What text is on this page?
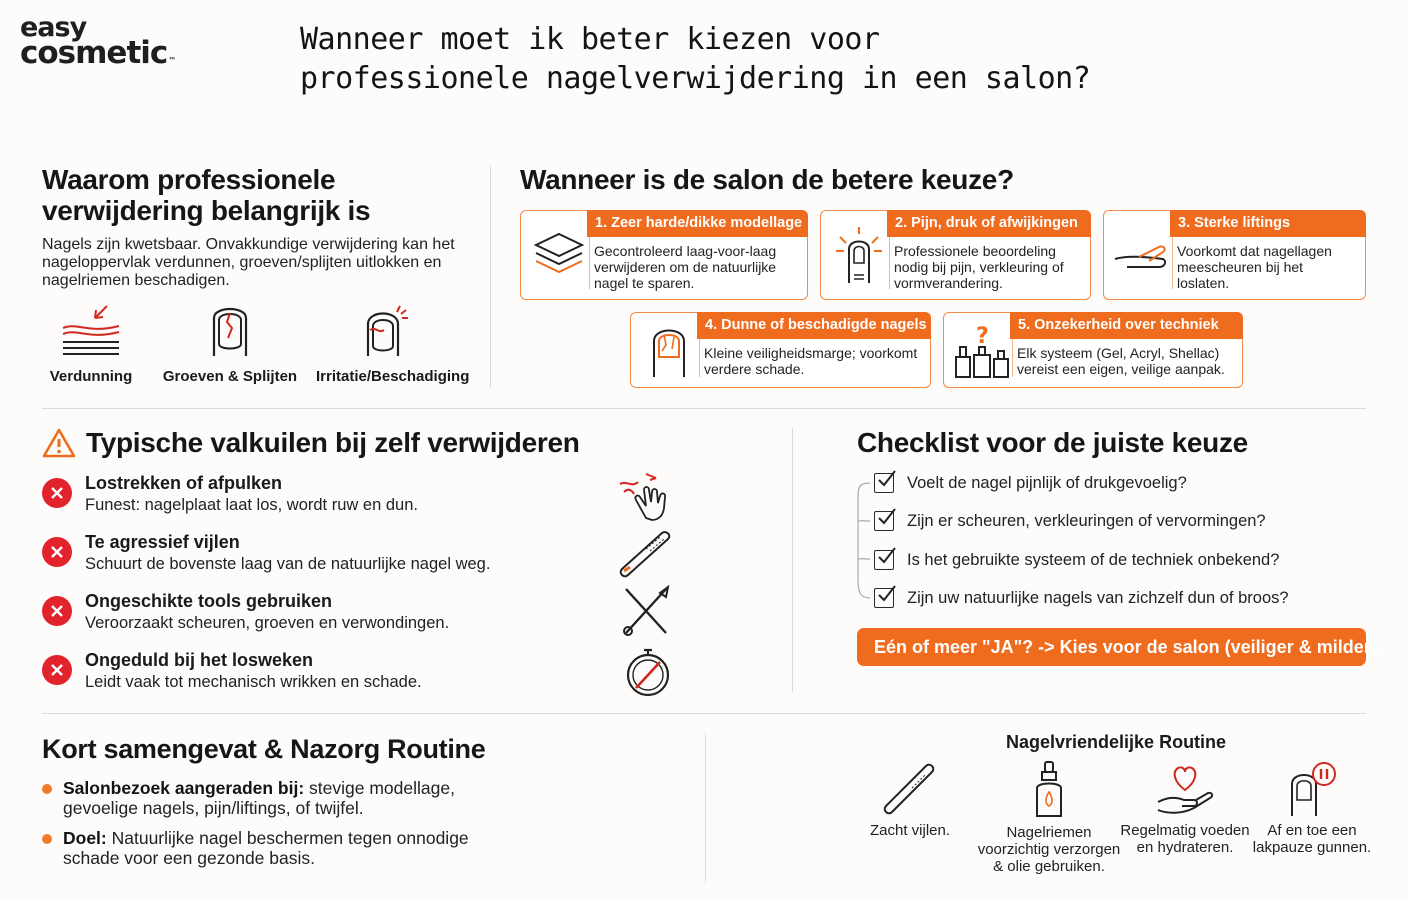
easy
cosmetic™
Wanneer moet ik beter kiezen voor professionele nagelverwijdering in een salon?
Waarom professionele verwijdering belangrijk is

Nagels zijn kwetsbaar. Onvakkundige verwijdering kan het nageloppervlak verdunnen, groeven/splijten uitlokken en nagelriemen beschadigen.

Verdunning	Groeven & Splijten Irritatie/Beschadiging
Wanneer is de salon de betere keuze?
1. Zeer harde/dikke modellage
Gecontroleerd laag-voor-laag verwijderen om de natuurlijke nagel te sparen.
2. Pijn, druk of afwijkingen
Professionele beoordeling nodig bij pijn, verkleuring of vormverandering.
3. Sterke liftings
Voorkomt dat nagellagen meescheuren bij het loslaten.
4. Dunne of beschadigde nagels
Kleine veiligheidsmarge; voorkomt verdere schade.
?	5. Onzekerheid over techniek
Elk systeem (Gel, Acryl, Shellac) vereist een eigen, veilige aanpak.
Typische valkuilen bij zelf verwijderen
Lostrekken of afpulken
Funest: nagelplaat laat los, wordt ruw en dun.
Te agressief vijlen
Schuurt de bovenste laag van de natuurlijke nagel weg.
Ongeschikte tools gebruiken
Veroorzaakt scheuren, groeven en verwondingen.
Ongeduld bij het losweken
Leidt vaak tot mechanisch wrikken en schade.
Checklist voor de juiste keuze
Voelt de nagel pijnlijk of drukgevoelig?
Zijn er scheuren, verkleuringen of vervormingen?
Is het gebruikte systeem of de techniek onbekend?
Zijn uw natuurlijke nagels van zichzelf dun of broos?
Eén of meer "JA"? -> Kies voor de salon (veiliger & milder).
Kort samengevat & Nazorg Routine
Salonbezoek aangeraden bij: stevige modellage, gevoelige nagels, pijn/liftings, of twijfel.
Doel: Natuurlijke nagel beschermen tegen onnodige schade voor een gezonde basis.
Nagelvriendelijke Routine
Zacht vijlen.	Nagelriemen voorzichtig verzorgen & olie gebruiken.
Regelmatig voeden en hydrateren.
Af en toe een lakpauze gunnen.
